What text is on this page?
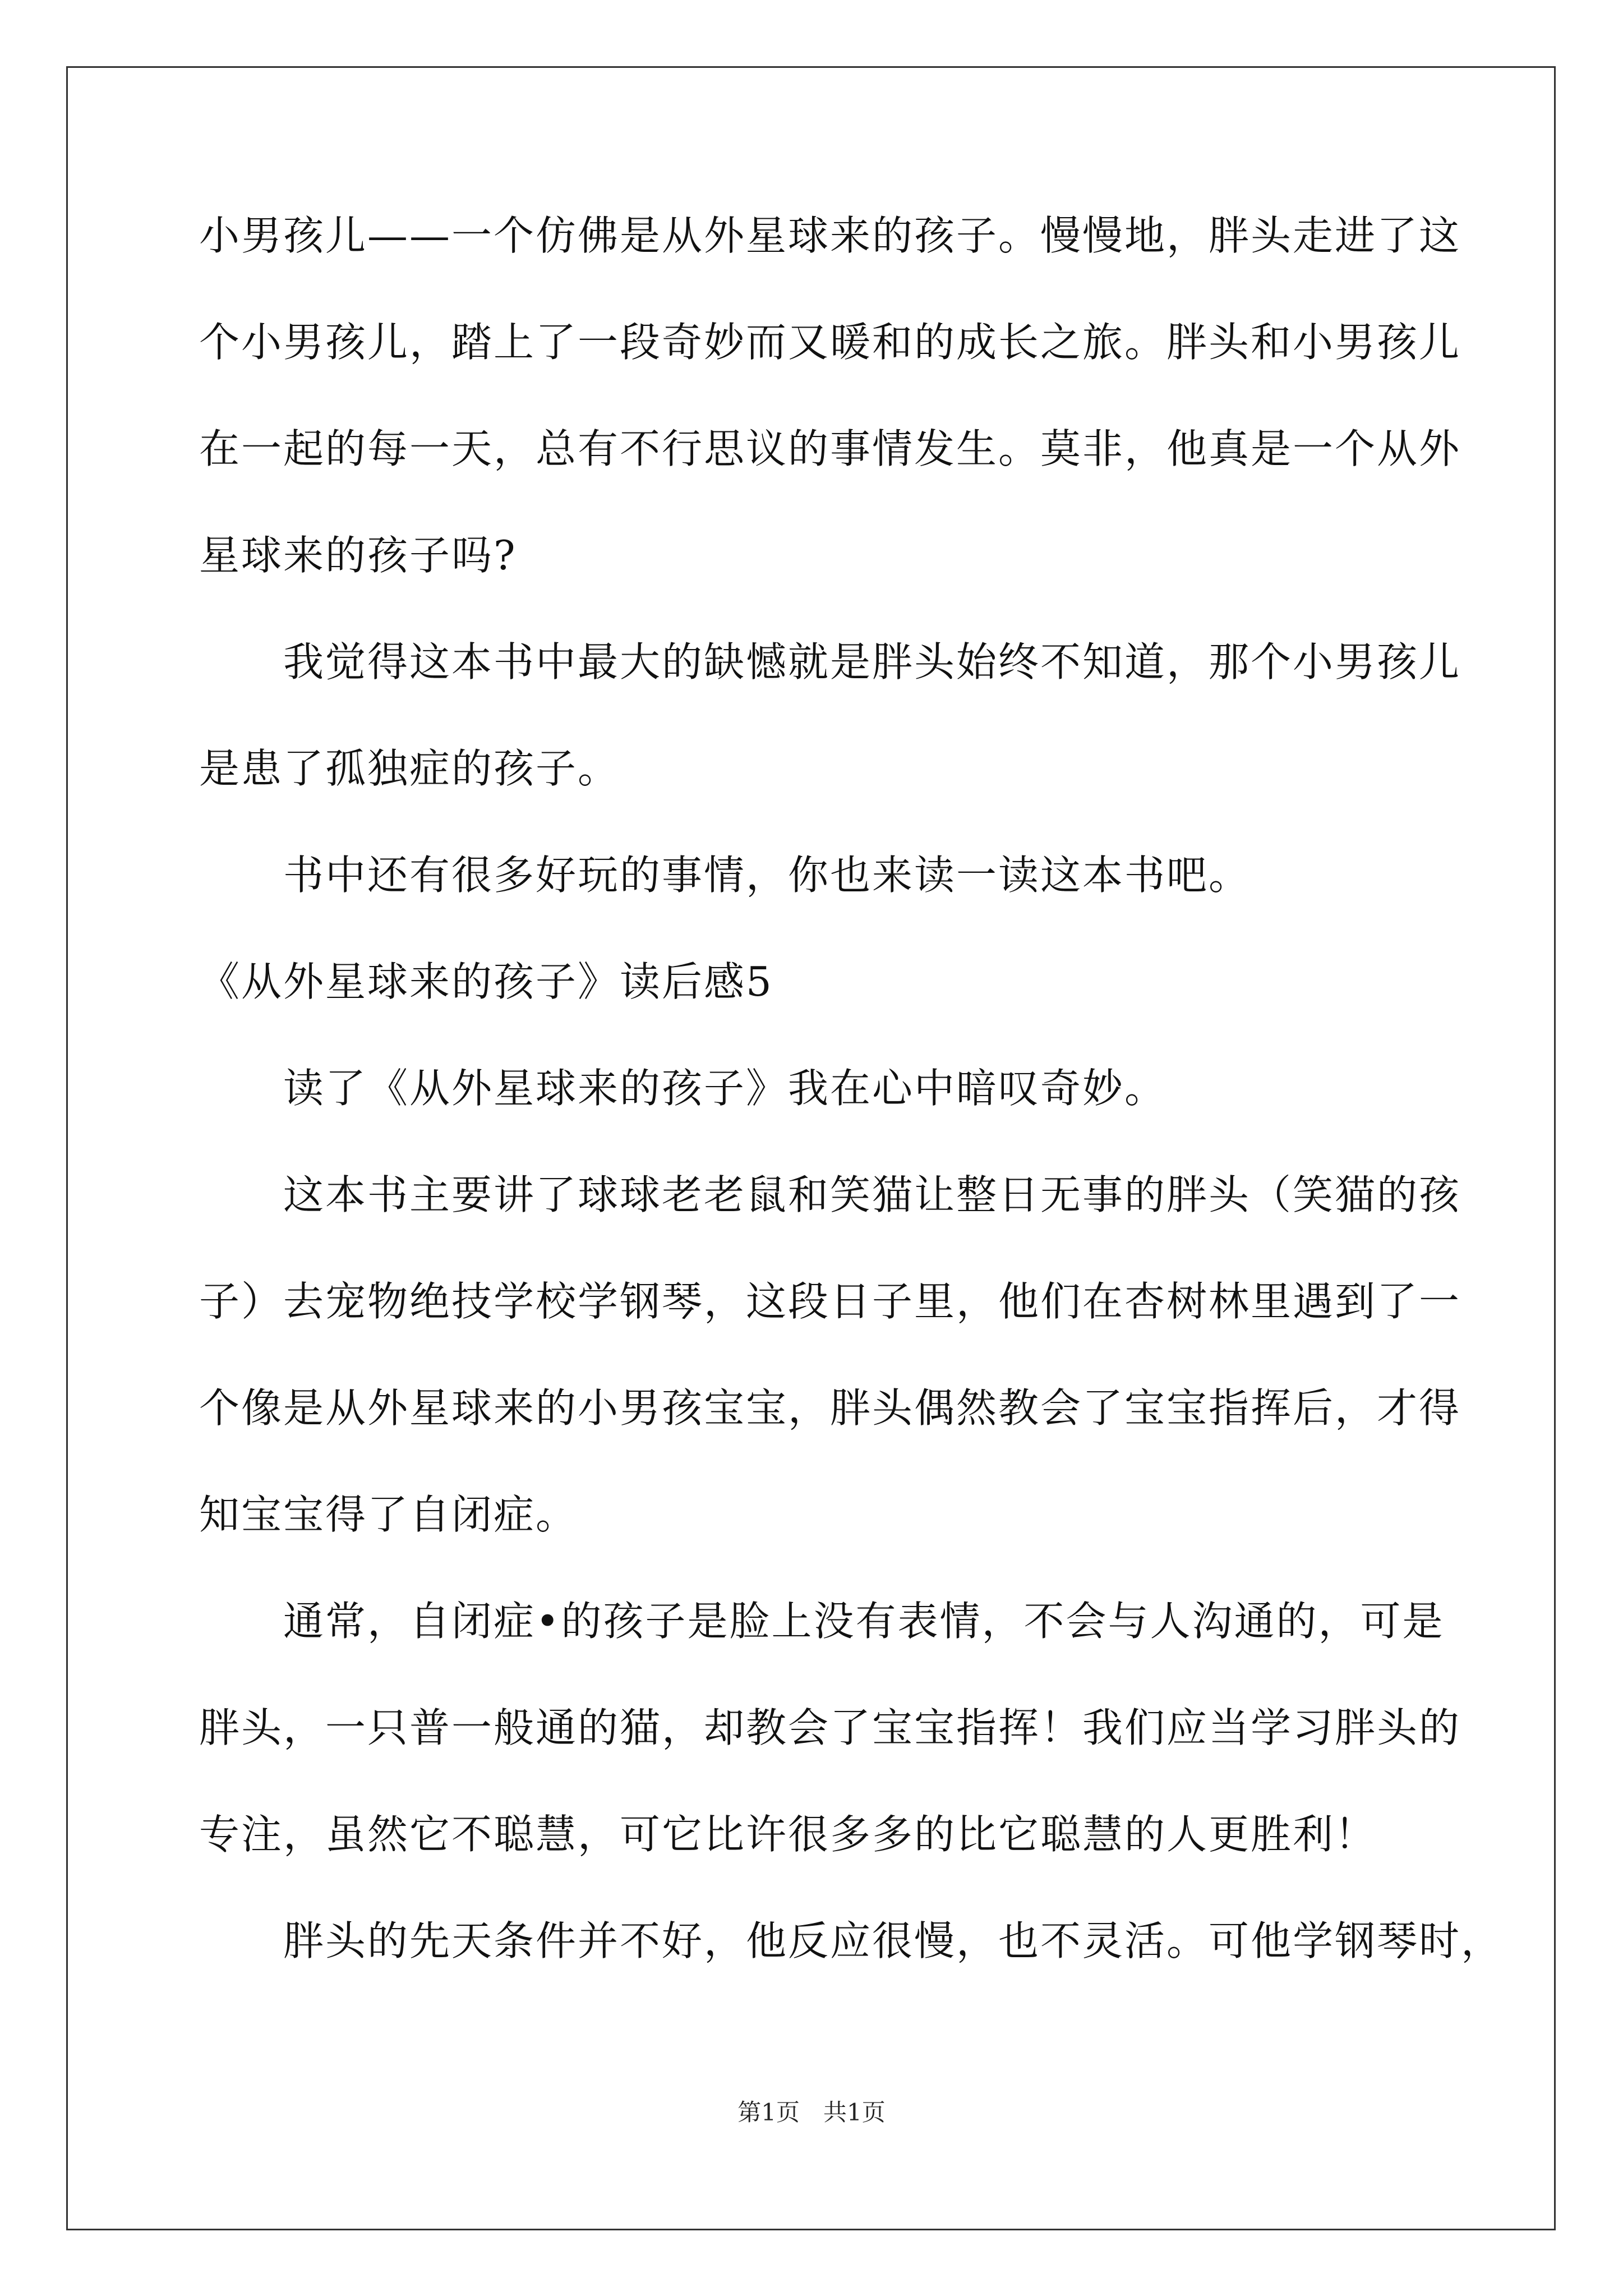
小男孩儿——一个仿佛是从外星球来的孩子。慢慢地，胖头走进了这
个小男孩儿，踏上了一段奇妙而又暖和的成长之旅。胖头和小男孩儿
在一起的每一天，总有不行思议的事情发生。莫非，他真是一个从外
星球来的孩子吗?
我觉得这本书中最大的缺憾就是胖头始终不知道，那个小男孩儿
是患了孤独症的孩子。
书中还有很多好玩的事情，你也来读一读这本书吧。
《从外星球来的孩子》读后感5
读了《从外星球来的孩子》我在心中暗叹奇妙。
这本书主要讲了球球老老鼠和笑猫让整日无事的胖头（笑猫的孩
子）去宠物绝技学校学钢琴，这段日子里，他们在杏树林里遇到了一
个像是从外星球来的小男孩宝宝，胖头偶然教会了宝宝指挥后，才得
知宝宝得了自闭症。
通常，自闭症•的孩子是脸上没有表情，不会与人沟通的，可是
胖头，一只普一般通的猫，却教会了宝宝指挥！我们应当学习胖头的
专注，虽然它不聪慧，可它比许很多多的比它聪慧的人更胜利！
胖头的先天条件并不好，他反应很慢，也不灵活。可他学钢琴时，
第1页　共1页
